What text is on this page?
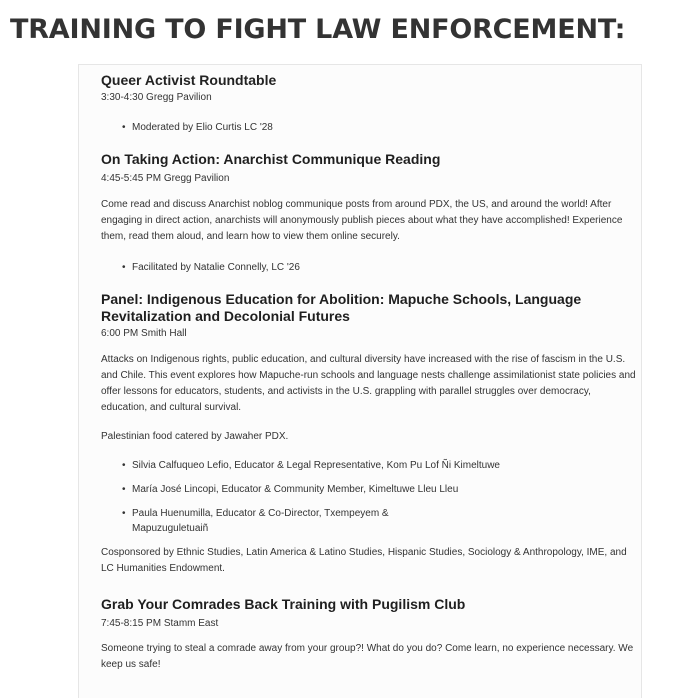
TRAINING TO FIGHT LAW ENFORCEMENT:

Queer Activist Roundtable

3:30-4:30 Gregg Pavilion

• Moderated by Elio Curtis LC '28

On Taking Action: Anarchist Communique Reading

4:45-5:45 PM Gregg Pavilion

Come read and discuss Anarchist noblog communique posts from around PDX, the US, and around the world! After engaging in direct action, anarchists will anonymously publish pieces about what they have accomplished! Experience them, read them aloud, and learn how to view them online securely.

• Facilitated by Natalie Connelly, LC '26

Panel: Indigenous Education for Abolition: Mapuche Schools, Language Revitalization and Decolonial Futures

6:00 PM Smith Hall

Attacks on Indigenous rights, public education, and cultural diversity have increased with the rise of fascism in the U.S. and Chile. This event explores how Mapuche-run schools and language nests challenge assimilationist state policies and offer lessons for educators, students, and activists in the U.S. grappling with parallel struggles over democracy, education, and cultural survival.

Palestinian food catered by Jawaher PDX.

• Silvia Calfuqueo Lefio, Educator & Legal Representative, Kom Pu Lof Ñi Kimeltuwe

• María José Lincopi, Educator & Community Member, Kimeltuwe Lleu Lleu

• Paula Huenumilla, Educator & Co-Director, Txempeyem & Mapuzuguletuaiñ

Cosponsored by Ethnic Studies, Latin America & Latino Studies, Hispanic Studies, Sociology & Anthropology, IME, and LC Humanities Endowment.

Grab Your Comrades Back Training with Pugilism Club

7:45-8:15 PM Stamm East

Someone trying to steal a comrade away from your group?! What do you do? Come learn, no experience necessary. We keep us safe!
